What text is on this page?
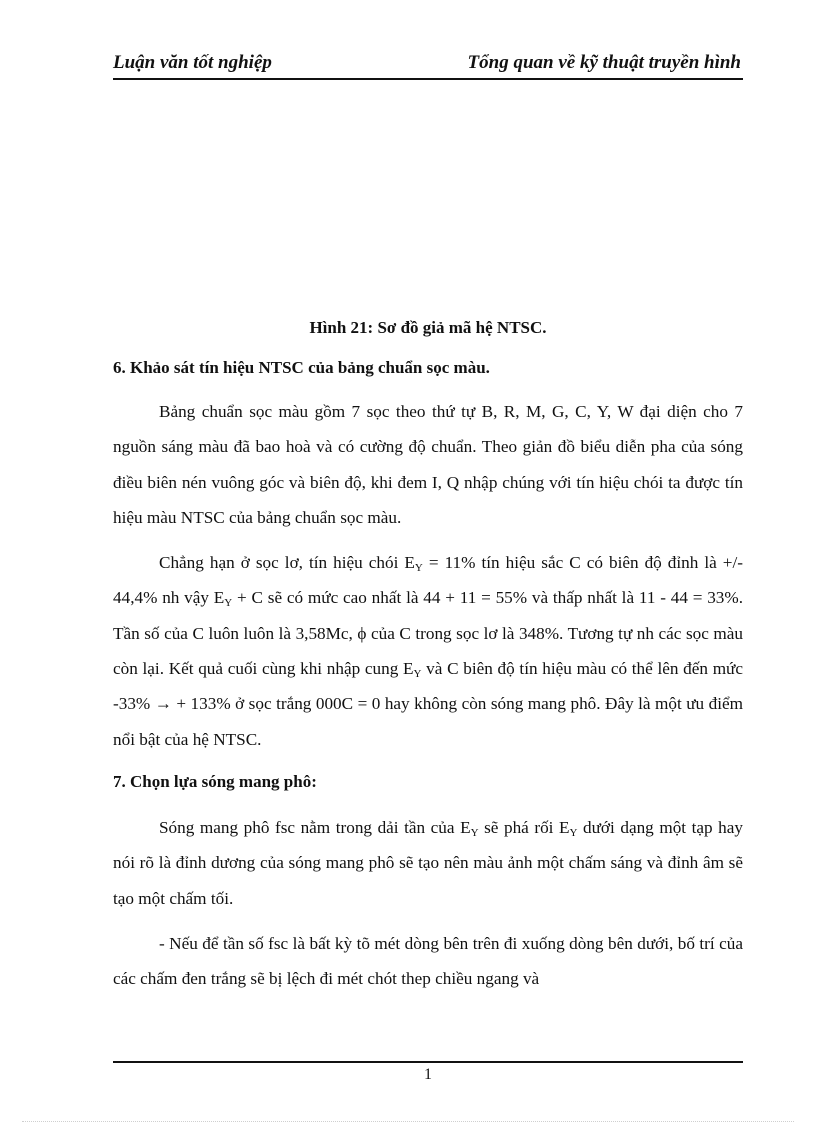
Luận văn tốt nghiệp	Tổng quan về kỹ thuật truyền hình
Hình 21: Sơ đồ giả mã hệ NTSC.
6. Khảo sát tín hiệu NTSC của bảng chuẩn sọc màu.

Bảng chuẩn sọc màu gồm 7 sọc theo thứ tự B, R, M, G, C, Y, W đại diện cho 7 nguồn sáng màu đã bao hoà và có cường độ chuẩn. Theo giản đồ biểu diễn pha của sóng điều biên nén vuông góc và biên độ, khi đem I, Q nhập chúng với tín hiệu chói ta được tín hiệu màu NTSC của bảng chuẩn sọc màu.

Chẳng hạn ở sọc lơ, tín hiệu chói $E_Y = 11\%$ tín hiệu sắc C có biên độ đỉnh là +/- 44,4% nh vậy $E_Y + C$ sẽ có mức cao nhất là 44 + 11 = 55% và thấp nhất là 11 - 44 = 33%. Tần số của C luôn luôn là 3,58Mc, ϕ của C trong sọc lơ là 348%. Tương tự nh các sọc màu còn lại. Kết quả cuối cùng khi nhập cung $E_Y$ và C biên độ tín hiệu màu có thể lên đến mức -33% → + 133% ở sọc trắng 000C = 0 hay không còn sóng mang phô. Đây là một ưu điểm nổi bật của hệ NTSC.

7. Chọn lựa sóng mang phô:

Sóng mang phô fsc nằm trong dải tần của $E_Y$ sẽ phá rối $E_Y$ dưới dạng một tạp hay nói rõ là đỉnh dương của sóng mang phô sẽ tạo nên màu ảnh một chấm sáng và đỉnh âm sẽ tạo một chấm tối.

- Nếu để tần số fsc là bất kỳ tõ mét dòng bên trên đi xuống dòng bên dưới, bố trí của các chấm đen trắng sẽ bị lệch đi mét chót thep chiều ngang và

1
